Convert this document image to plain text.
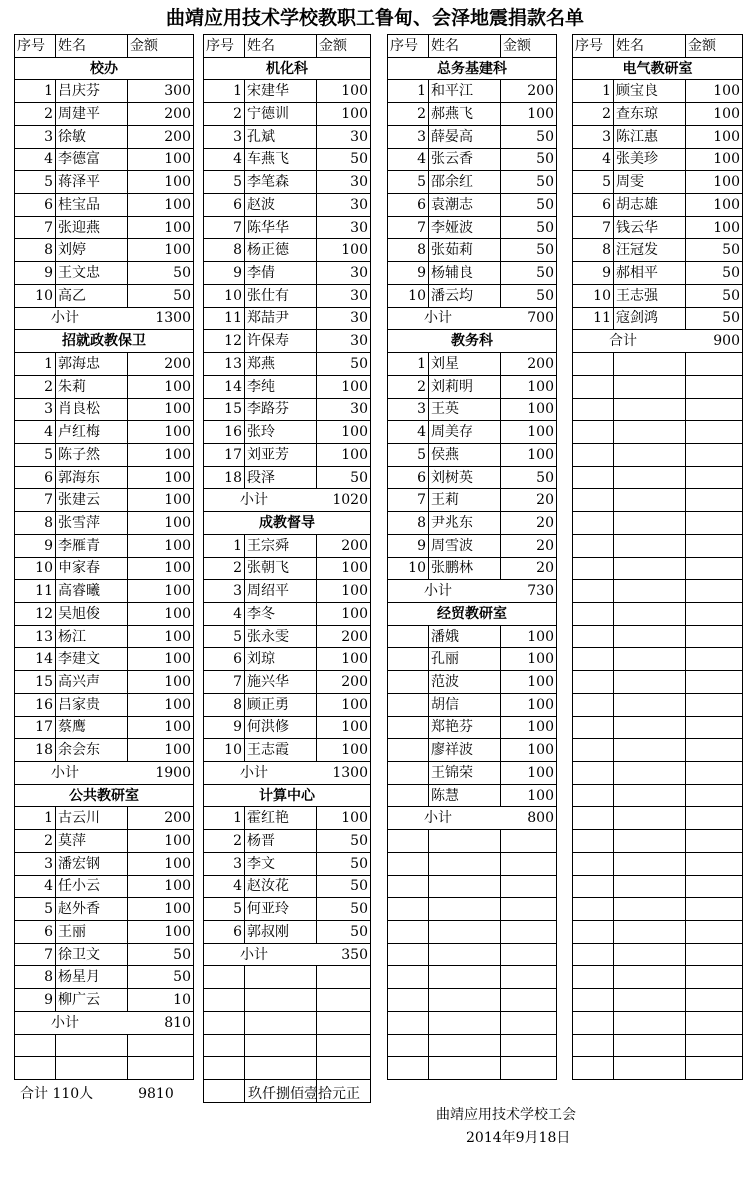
曲靖应用技术学校教职工鲁甸、会泽地震捐款名单
序号	姓名	金额
校办		
1	吕庆芬	300
2	周建平	200
3	徐敏	200
4	李德富	100
5	蒋泽平	100
6	桂宝品	100
7	张迎燕	100
8	刘婷	100
9	王文忠	50
10	高乙	50
小计		1300
招就政教保卫		
1	郭海忠	200
2	朱莉	100
3	肖良松	100
4	卢红梅	100
5	陈子然	100
6	郭海东	100
7	张建云	100
8	张雪萍	100
9	李雁青	100
10	申家春	100
11	高睿曦	100
12	吴旭俊	100
13	杨江	100
14	李建文	100
15	高兴声	100
16	吕家贵	100
17	蔡鹰	100
18	余会东	100
小计		1900
公共教研室		
1	古云川	200
2	莫萍	100
3	潘宏钢	100
4	任小云	100
5	赵外香	100
6	王丽	100
7	徐卫文	50
8	杨星月	50
9	柳广云	10
小计		810

序号	姓名	金额
机化科		
1	宋建华	100
2	宁德训	100
3	孔斌	30
4	车燕飞	50
5	李笔森	30
6	赵波	30
7	陈华华	30
8	杨正德	100
9	李倩	30
10	张仕有	30
11	郑喆尹	30
12	许保寿	30
13	郑燕	50
14	李纯	100
15	李路芬	30
16	张玲	100
17	刘亚芳	100
18	段泽	50
小计		1020
成教督导		
1	王宗舜	200
2	张朝飞	100
3	周绍平	100
4	李冬	100
5	张永雯	200
6	刘琼	100
7	施兴华	200
8	顾正勇	100
9	何洪修	100
10	王志霞	100
小计		1300
计算中心		
1	霍红艳	100
2	杨晋	50
3	李文	50
4	赵汝花	50
5	何亚玲	50
6	郭叔刚	50
小计		350

序号	姓名	金额
总务基建科		
1	和平江	200
2	郝燕飞	100
3	薛晏高	50
4	张云香	50
5	邵余红	50
6	袁潮志	50
7	李娅波	50
8	张茹莉	50
9	杨辅良	50
10	潘云均	50
小计		700
教务科		
1	刘星	200
2	刘莉明	100
3	王英	100
4	周美存	100
5	侯燕	100
6	刘树英	50
7	王莉	20
8	尹兆东	20
9	周雪波	20
10	张鹏林	20
小计		730
经贸教研室		
	潘娥	100
	孔丽	100
	范波	100
	胡信	100
	郑艳芬	100
	廖祥波	100
	王锦荣	100
	陈慧	100
小计		800

序号	姓名	金额
电气教研室		
1	顾宝良	100
2	查东琼	100
3	陈江惠	100
4	张美珍	100
5	周雯	100
6	胡志雄	100
7	钱云华	100
8	汪冠发	50
9	郝相平	50
10	王志强	50
11	寇剑鸿	50
合计		900

合计 110人	9810	玖仟捌佰壹拾元正
曲靖应用技术学校工会
2014年9月18日
